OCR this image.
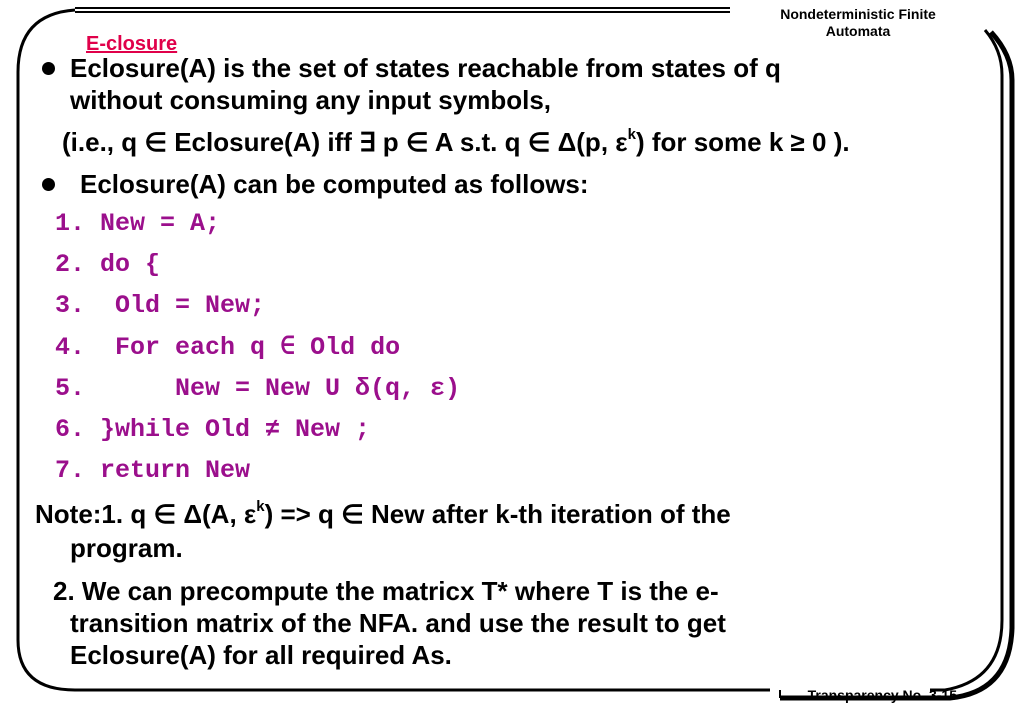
Nondeterministic Finite
Automata
E-closure
Eclosure(A) is the set of states reachable from states of q
without consuming any input symbols,
(i.e., q ∈ Eclosure(A) iff ∃ p ∈ A s.t. q ∈ Δ(p, $\varepsilon^k$) for some k ≥ 0 ).
Eclosure(A) can be computed as follows:
1. New = A;
2. do {
3.  Old = New;
4.  For each q ∈ Old do
5.      New = New U δ(q, ε)
6. }while Old ≠ New ;
7. return New
Note:1. q ∈ Δ(A, $\varepsilon^k) => q$ ∈ New after k-th iteration of the
program.
2. We can precompute the matricx T* where T is the e-
transition matrix of the NFA. and use the result to get
Eclosure(A) for all required As.
Transparency No. 3-15
